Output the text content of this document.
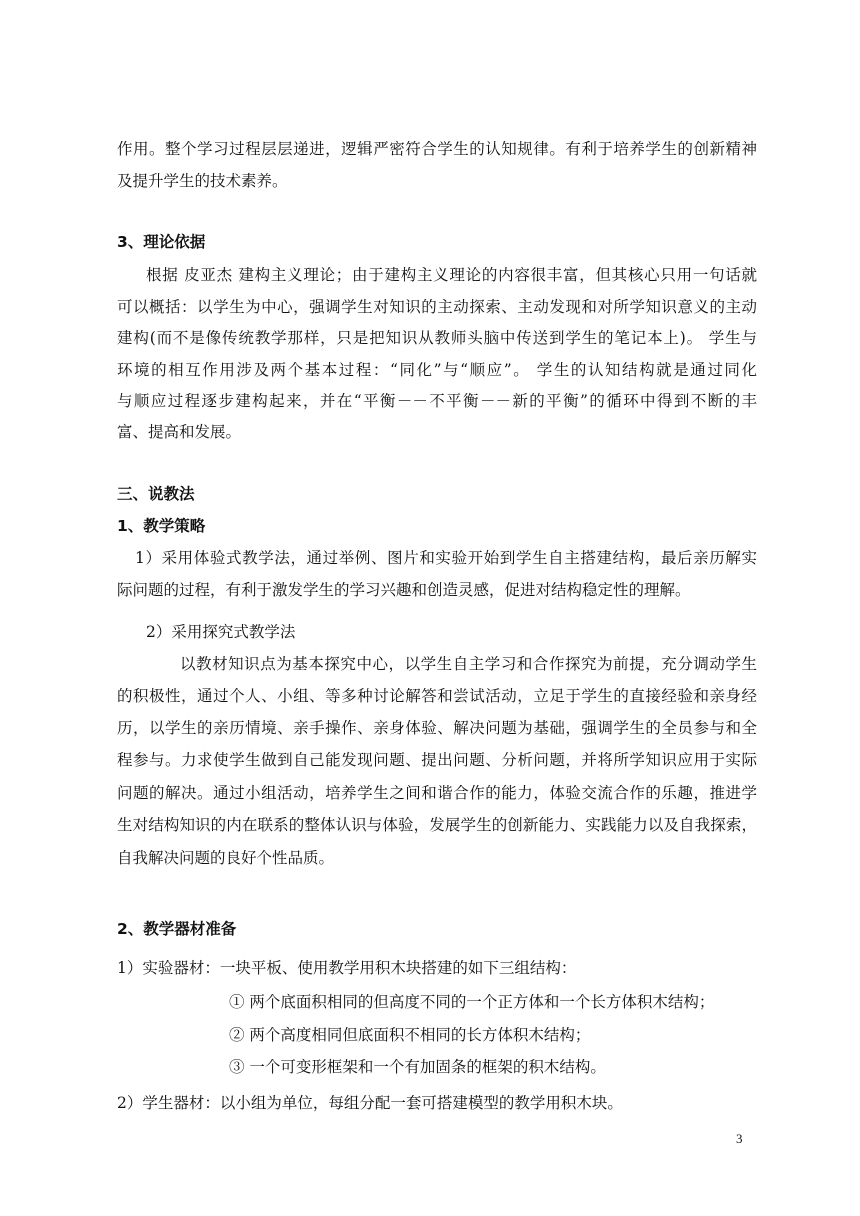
作用。整个学习过程层层递进，逻辑严密符合学生的认知规律。有利于培养学生的创新精神
及提升学生的技术素养。
3、理论依据
根据 皮亚杰 建构主义理论；由于建构主义理论的内容很丰富，但其核心只用一句话就
可以概括：以学生为中心，强调学生对知识的主动探索、主动发现和对所学知识意义的主动
建构(而不是像传统教学那样，只是把知识从教师头脑中传送到学生的笔记本上)。 学生与
环境的相互作用涉及两个基本过程：“同化”与“顺应”。 学生的认知结构就是通过同化
与顺应过程逐步建构起来，并在“平衡－－不平衡－－新的平衡”的循环中得到不断的丰
富、提高和发展。
三、说教法
1、教学策略
1）采用体验式教学法，通过举例、图片和实验开始到学生自主搭建结构，最后亲历解实
际问题的过程，有利于激发学生的学习兴趣和创造灵感，促进对结构稳定性的理解。
2）采用探究式教学法
以教材知识点为基本探究中心，以学生自主学习和合作探究为前提，充分调动学生
的积极性，通过个人、小组、等多种讨论解答和尝试活动，立足于学生的直接经验和亲身经
历，以学生的亲历情境、亲手操作、亲身体验、解决问题为基础，强调学生的全员参与和全
程参与。力求使学生做到自己能发现问题、提出问题、分析问题，并将所学知识应用于实际
问题的解决。通过小组活动，培养学生之间和谐合作的能力，体验交流合作的乐趣，推进学
生对结构知识的内在联系的整体认识与体验，发展学生的创新能力、实践能力以及自我探索，
自我解决问题的良好个性品质。
2、教学器材准备
1）实验器材：一块平板、使用教学用积木块搭建的如下三组结构：
① 两个底面积相同的但高度不同的一个正方体和一个长方体积木结构；
② 两个高度相同但底面积不相同的长方体积木结构；
③ 一个可变形框架和一个有加固条的框架的积木结构。
2）学生器材：以小组为单位，每组分配一套可搭建模型的教学用积木块。
3
